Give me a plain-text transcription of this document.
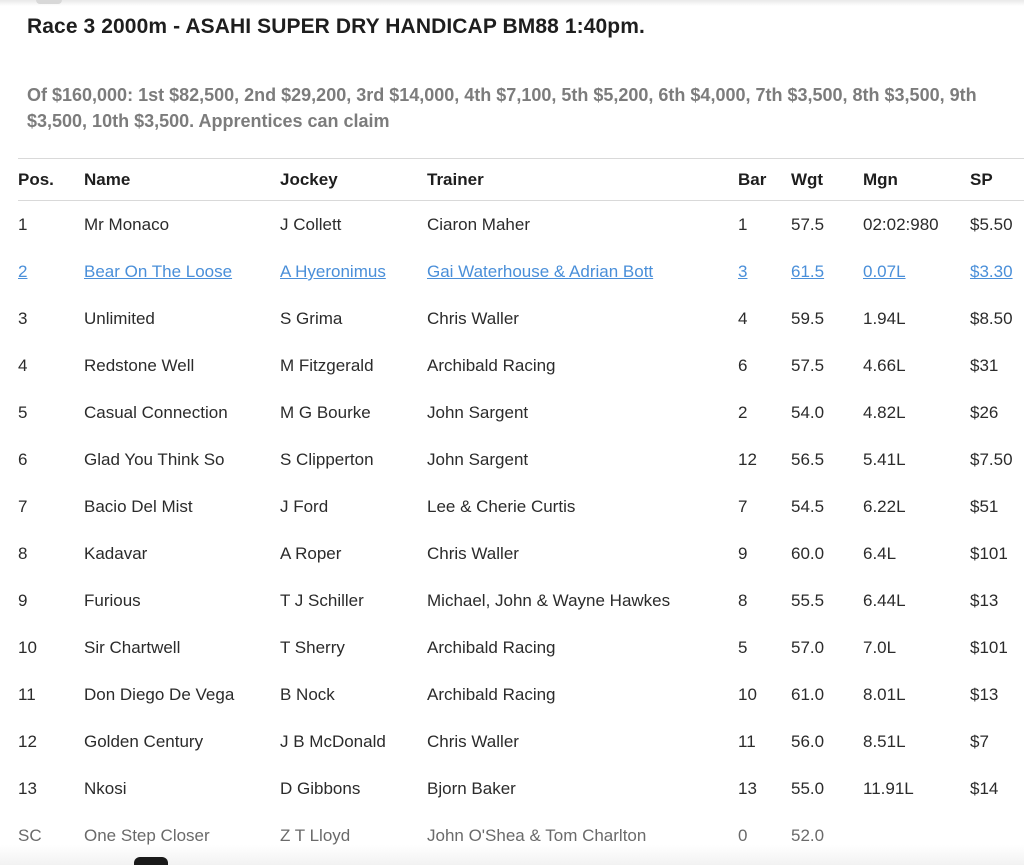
Race 3 2000m - ASAHI SUPER DRY HANDICAP BM88 1:40pm.
Of $160,000: 1st $82,500, 2nd $29,200, 3rd $14,000, 4th $7,100, 5th $5,200, 6th $4,000, 7th $3,500, 8th $3,500, 9th $3,500, 10th $3,500. Apprentices can claim
Pos.	Name	Jockey	Trainer	Bar	Wgt	Mgn	SP
1	Mr Monaco	J Collett	Ciaron Maher	1	57.5	02:02:980	$5.50
2	Bear On The Loose	A Hyeronimus	Gai Waterhouse & Adrian Bott	3	61.5	0.07L	$3.30
3	Unlimited	S Grima	Chris Waller	4	59.5	1.94L	$8.50
4	Redstone Well	M Fitzgerald	Archibald Racing	6	57.5	4.66L	$31
5	Casual Connection	M G Bourke	John Sargent	2	54.0	4.82L	$26
6	Glad You Think So	S Clipperton	John Sargent	12	56.5	5.41L	$7.50
7	Bacio Del Mist	J Ford	Lee & Cherie Curtis	7	54.5	6.22L	$51
8	Kadavar	A Roper	Chris Waller	9	60.0	6.4L	$101
9	Furious	T J Schiller	Michael, John & Wayne Hawkes	8	55.5	6.44L	$13
10	Sir Chartwell	T Sherry	Archibald Racing	5	57.0	7.0L	$101
11	Don Diego De Vega	B Nock	Archibald Racing	10	61.0	8.01L	$13
12	Golden Century	J B McDonald	Chris Waller	11	56.0	8.51L	$7
13	Nkosi	D Gibbons	Bjorn Baker	13	55.0	11.91L	$14
SC	One Step Closer	Z T Lloyd	John O'Shea & Tom Charlton	0	52.0		
